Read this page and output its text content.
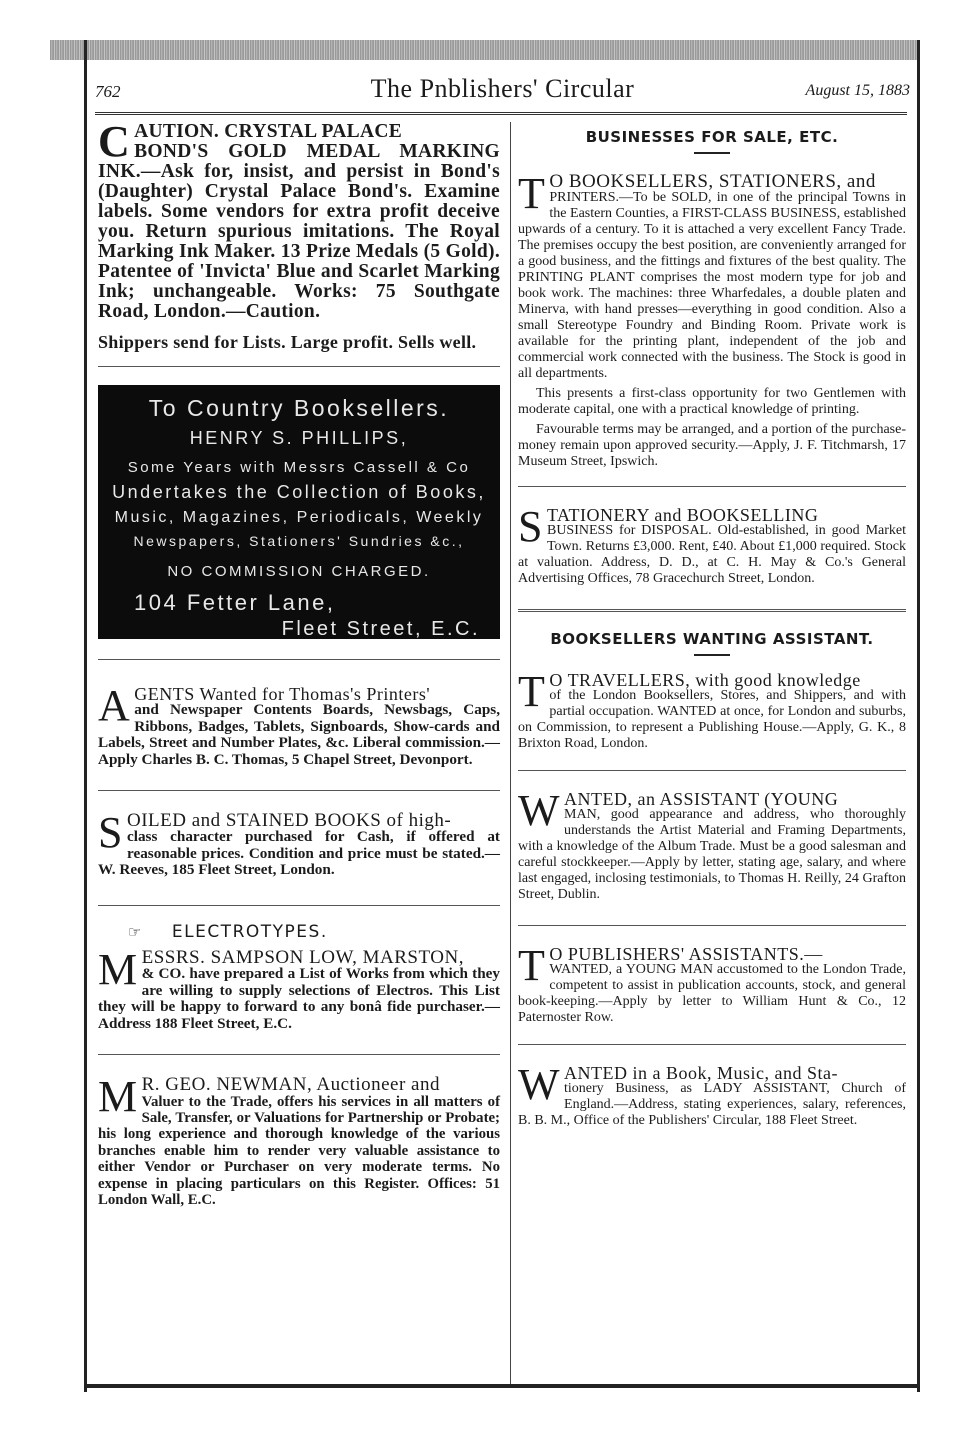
762	The Pnblishers' Circular	August 15, 1883

C AUTION. CRYSTAL PALACE

BOND'S GOLD MEDAL MARKING INK.—Ask for, insist, and persist in Bond's (Daughter) Crystal Palace Bond's. Examine labels. Some vendors for extra profit deceive you. Return spurious imitations. The Royal Marking Ink Maker. 13 Prize Medals (5 Gold). Patentee of 'Invicta' Blue and Scarlet Marking Ink; unchangeable. Works: 75 Southgate Road, London.—Caution.

Shippers send for Lists. Large profit. Sells well.

To Country Booksellers.
HENRY S. PHILLIPS,
Some Years with Messrs Cassell & Co
Undertakes the Collection of Books,
Music, Magazines, Periodicals, Weekly
Newspapers, Stationers' Sundries &c.,
NO COMMISSION CHARGED.
104 Fetter Lane,
Fleet Street, E.C.

A GENTS Wanted for Thomas's Printers'

and Newspaper Contents Boards, Newsbags, Caps, Ribbons, Badges, Tablets, Signboards, Show-cards and Labels, Street and Number Plates, &c. Liberal commission.—Apply Charles B. C. Thomas, 5 Chapel Street, Devonport.

S OILED and STAINED BOOKS of high-

class character purchased for Cash, if offered at reasonable prices. Condition and price must be stated.—W. Reeves, 185 Fleet Street, London.

☞ ELECTROTYPES.

M ESSRS. SAMPSON LOW, MARSTON,

& CO. have prepared a List of Works from which they are willing to supply selections of Electros. This List they will be happy to forward to any bonâ fide purchaser.—Address 188 Fleet Street, E.C.

M R. GEO. NEWMAN, Auctioneer and

Valuer to the Trade, offers his services in all matters of Sale, Transfer, or Valuations for Partnership or Probate; his long experience and thorough knowledge of the various branches enable him to render very valuable assistance to either Vendor or Purchaser on very moderate terms. No expense in placing particulars on this Register. Offices: 51 London Wall, E.C.

BUSINESSES FOR SALE, ETC.

T O BOOKSELLERS, STATIONERS, and

PRINTERS.—To be SOLD, in one of the principal Towns in the Eastern Counties, a FIRST-CLASS BUSINESS, established upwards of a century. To it is attached a very excellent Fancy Trade. The premises occupy the best position, are conveniently arranged for a good business, and the fittings and fixtures of the best quality. The PRINTING PLANT comprises the most modern type for job and book work. The machines: three Wharfedales, a double platen and Minerva, with hand presses—everything in good condition. Also a small Stereotype Foundry and Binding Room. Private work is available for the printing plant, independent of the job and commercial work connected with the business. The Stock is good in all departments.

This presents a first-class opportunity for two Gentlemen with moderate capital, one with a practical knowledge of printing.

Favourable terms may be arranged, and a portion of the purchase-money remain upon approved security.—Apply, J. F. Titchmarsh, 17 Museum Street, Ipswich.

S TATIONERY and BOOKSELLING

BUSINESS for DISPOSAL. Old-established, in good Market Town. Returns £3,000. Rent, £40. About £1,000 required. Stock at valuation. Address, D. D., at C. H. May & Co.'s General Advertising Offices, 78 Gracechurch Street, London.

BOOKSELLERS WANTING ASSISTANT.

T O TRAVELLERS, with good knowledge

of the London Booksellers, Stores, and Shippers, and with partial occupation. WANTED at once, for London and suburbs, on Commission, to represent a Publishing House.—Apply, G. K., 8 Brixton Road, London.

W ANTED, an ASSISTANT (YOUNG

MAN, good appearance and address, who thoroughly understands the Artist Material and Framing Departments, with a knowledge of the Album Trade. Must be a good salesman and careful stockkeeper.—Apply by letter, stating age, salary, and where last engaged, inclosing testimonials, to Thomas H. Reilly, 24 Grafton Street, Dublin.

T O PUBLISHERS' ASSISTANTS.—

WANTED, a YOUNG MAN accustomed to the London Trade, competent to assist in publication accounts, stock, and general book-keeping.—Apply by letter to William Hunt & Co., 12 Paternoster Row.

W ANTED in a Book, Music, and Sta-

tionery Business, as LADY ASSISTANT, Church of England.—Address, stating experiences, salary, references, B. B. M., Office of the Publishers' Circular, 188 Fleet Street.
